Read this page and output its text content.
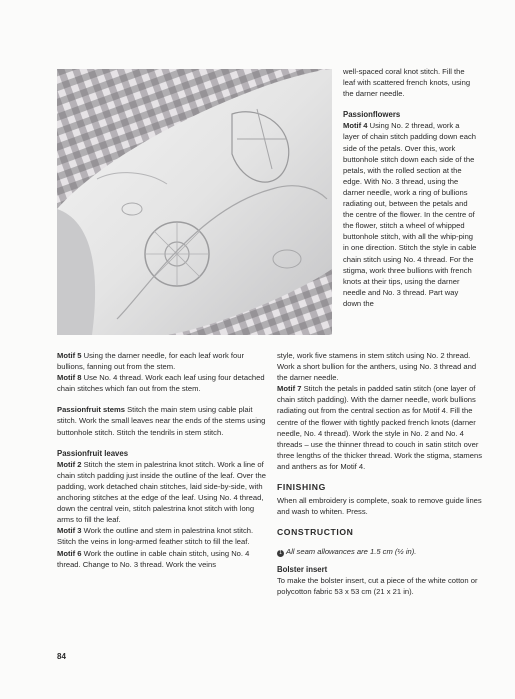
well-spaced coral knot stitch. Fill the leaf with scattered french knots, using the darner needle.

Passionflowers

Motif 4 Using No. 2 thread, work a layer of chain stitch padding down each side of the petals. Over this, work buttonhole stitch down each side of the petals, with the rolled section at the edge. With No. 3 thread, using the darner needle, work a ring of bullions radiating out, between the petals and the centre of the flower. In the centre of the flower, stitch a wheel of whipped buttonhole stitch, with all the whip-ping in one direction. Stitch the style in cable chain stitch using No. 4 thread. For the stigma, work three bullions with french knots at their tips, using the darner needle and No. 3 thread. Part way down the

Motif 5 Using the darner needle, for each leaf work four bullions, fanning out from the stem.

Motif 8 Use No. 4 thread. Work each leaf using four detached chain stitches which fan out from the stem.

Passionfruit stems Stitch the main stem using cable plait stitch. Work the small leaves near the ends of the stems using buttonhole stitch. Stitch the tendrils in stem stitch.

Passionfruit leaves

Motif 2 Stitch the stem in palestrina knot stitch. Work a line of chain stitch padding just inside the outline of the leaf. Over the padding, work detached chain stitches, laid side-by-side, with anchoring stitches at the edge of the leaf. Using No. 4 thread, down the central vein, stitch palestrina knot stitch with long arms to fill the leaf.

Motif 3 Work the outline and stem in palestrina knot stitch. Stitch the veins in long-armed feather stitch to fill the leaf.

Motif 6 Work the outline in cable chain stitch, using No. 4 thread. Change to No. 3 thread. Work the veins

style, work five stamens in stem stitch using No. 2 thread. Work a short bullion for the anthers, using No. 3 thread and the darner needle.

Motif 7 Stitch the petals in padded satin stitch (one layer of chain stitch padding). With the darner needle, work bullions radiating out from the central section as for Motif 4. Fill the centre of the flower with tightly packed french knots (darner needle, No. 4 thread). Work the style in No. 2 and No. 4 threads – use the thinner thread to couch in satin stitch over three lengths of the thicker thread. Work the stigma, stamens and anthers as for Motif 4.

FINISHING

When all embroidery is complete, soak to remove guide lines and wash to whiten. Press.

CONSTRUCTION

1 All seam allowances are 1.5 cm (½ in).

Bolster insert

To make the bolster insert, cut a piece of the white cotton or polycotton fabric 53 x 53 cm (21 x 21 in).

84
